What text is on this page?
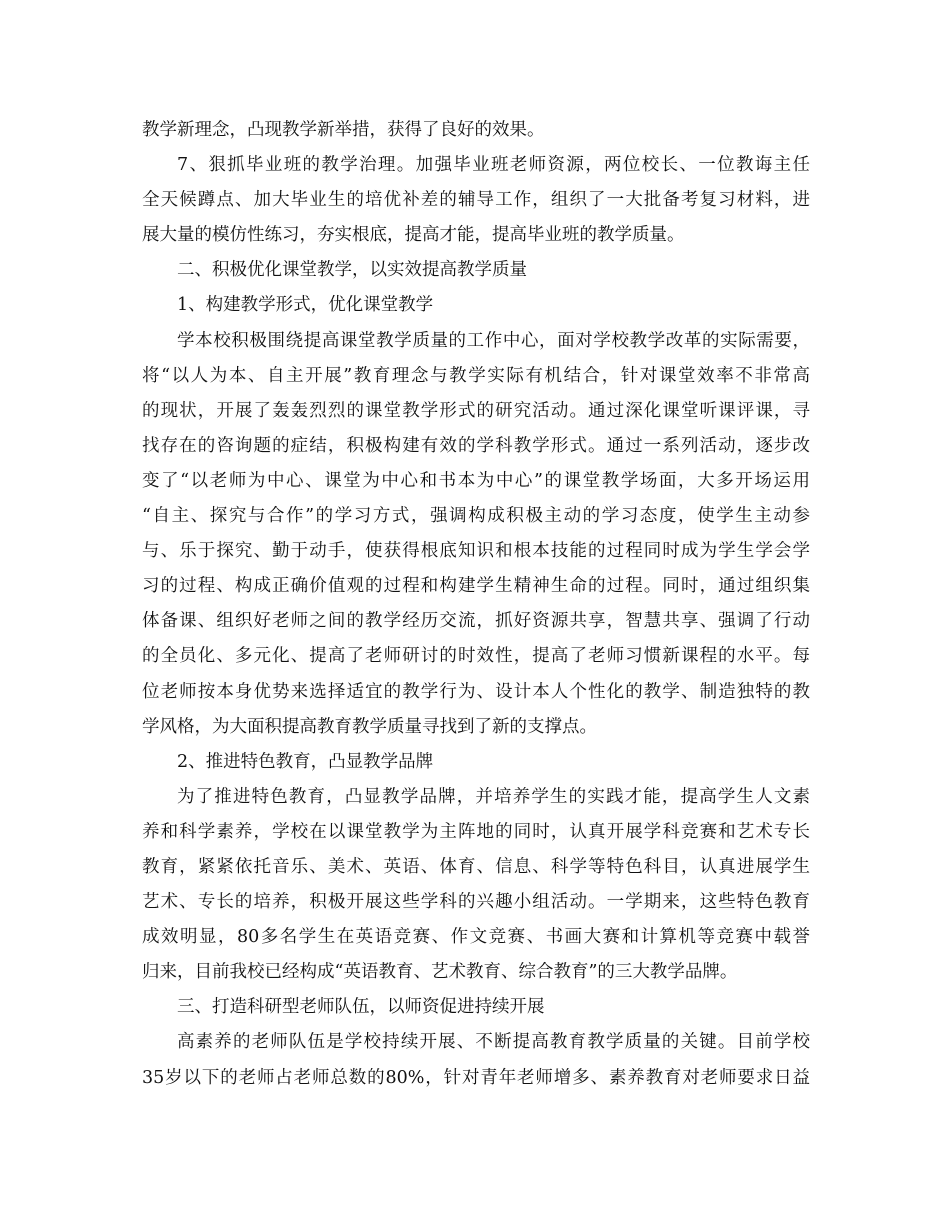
教学新理念，凸现教学新举措，获得了良好的效果。
7、狠抓毕业班的教学治理。加强毕业班老师资源，两位校长、一位教诲主任
全天候蹲点、加大毕业生的培优补差的辅导工作，组织了一大批备考复习材料，进
展大量的模仿性练习，夯实根底，提高才能，提高毕业班的教学质量。
二、积极优化课堂教学，以实效提高教学质量
1、构建教学形式，优化课堂教学
学本校积极围绕提高课堂教学质量的工作中心，面对学校教学改革的实际需要，
将“以人为本、自主开展”教育理念与教学实际有机结合，针对课堂效率不非常高
的现状，开展了轰轰烈烈的课堂教学形式的研究活动。通过深化课堂听课评课，寻
找存在的咨询题的症结，积极构建有效的学科教学形式。通过一系列活动，逐步改
变了“以老师为中心、课堂为中心和书本为中心”的课堂教学场面，大多开场运用
“自主、探究与合作”的学习方式，强调构成积极主动的学习态度，使学生主动参
与、乐于探究、勤于动手，使获得根底知识和根本技能的过程同时成为学生学会学
习的过程、构成正确价值观的过程和构建学生精神生命的过程。同时，通过组织集
体备课、组织好老师之间的教学经历交流，抓好资源共享，智慧共享、强调了行动
的全员化、多元化、提高了老师研讨的时效性，提高了老师习惯新课程的水平。每
位老师按本身优势来选择适宜的教学行为、设计本人个性化的教学、制造独特的教
学风格，为大面积提高教育教学质量寻找到了新的支撑点。
2、推进特色教育，凸显教学品牌
为了推进特色教育，凸显教学品牌，并培养学生的实践才能，提高学生人文素
养和科学素养，学校在以课堂教学为主阵地的同时，认真开展学科竞赛和艺术专长
教育，紧紧依托音乐、美术、英语、体育、信息、科学等特色科目，认真进展学生
艺术、专长的培养，积极开展这些学科的兴趣小组活动。一学期来，这些特色教育
成效明显，80多名学生在英语竞赛、作文竞赛、书画大赛和计算机等竞赛中载誉
归来，目前我校已经构成“英语教育、艺术教育、综合教育”的三大教学品牌。
三、打造科研型老师队伍，以师资促进持续开展
高素养的老师队伍是学校持续开展、不断提高教育教学质量的关键。目前学校
35岁以下的老师占老师总数的80%，针对青年老师增多、素养教育对老师要求日益
